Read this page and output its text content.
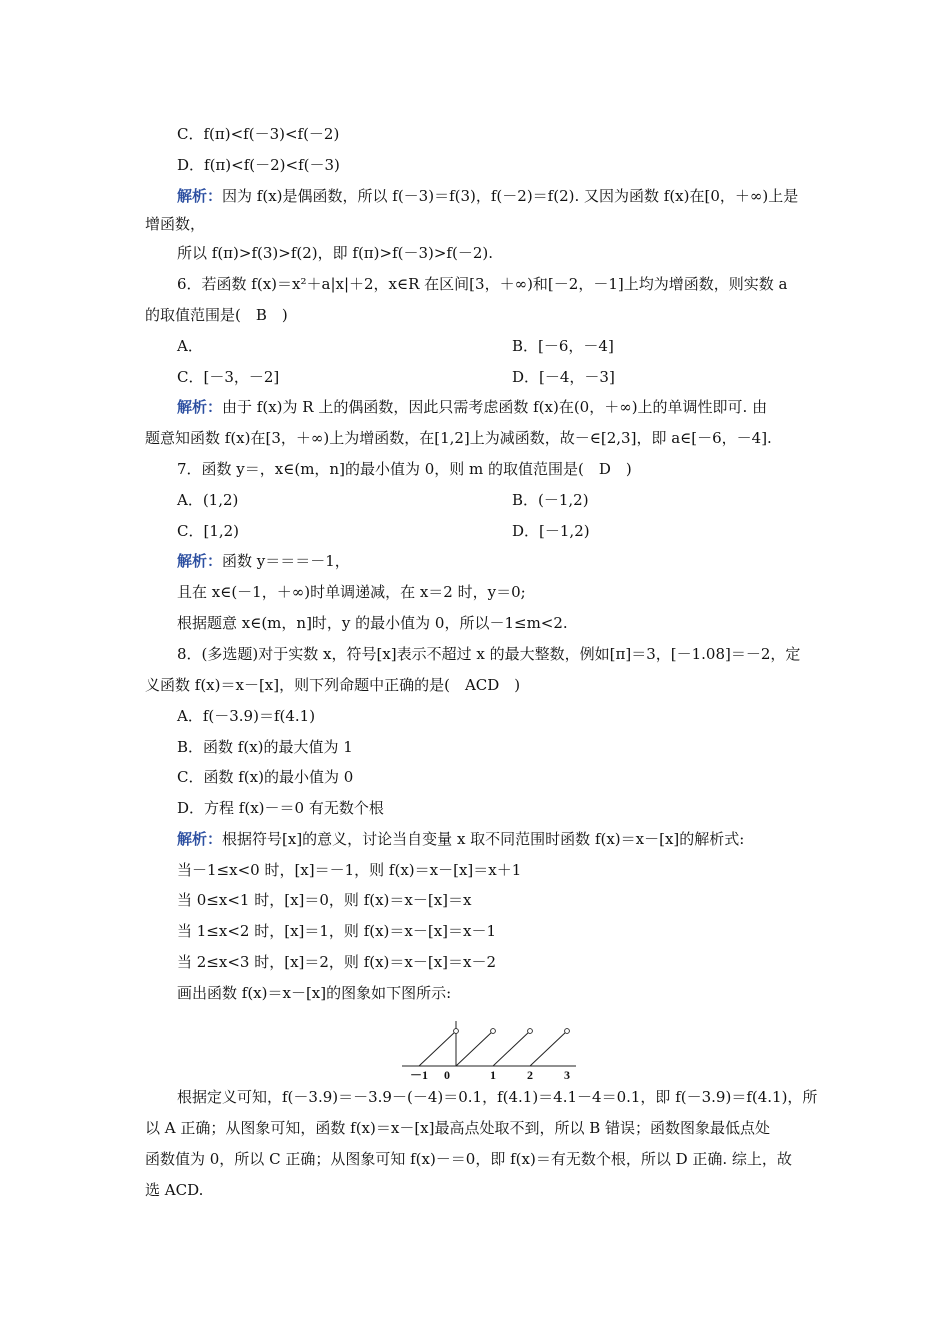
C．f(π)<f(－3)<f(－2)
D．f(π)<f(－2)<f(－3)
解析：因为 f(x)是偶函数，所以 f(－3)＝f(3)，f(－2)＝f(2). 又因为函数 f(x)在[0，＋∞)上是
增函数，
所以 f(π)>f(3)>f(2)，即 f(π)>f(－3)>f(－2).
6．若函数 f(x)＝x²＋a|x|＋2，x∈R 在区间[3，＋∞)和[－2，－1]上均为增函数，则实数 a
的取值范围是(　B　)
A．	B．[－6，－4]
C．[－3，－2]	D．[－4，－3]
解析：由于 f(x)为 R 上的偶函数，因此只需考虑函数 f(x)在(0，＋∞)上的单调性即可. 由
题意知函数 f(x)在[3，＋∞)上为增函数，在[1,2]上为减函数，故－∈[2,3]，即 a∈[－6，－4].
7．函数 y＝，x∈(m，n]的最小值为 0，则 m 的取值范围是(　D　)
A．(1,2)	B．(－1,2)
C．[1,2)	D．[－1,2)
解析：函数 y＝＝＝－1，
且在 x∈(－1，＋∞)时单调递减，在 x＝2 时，y＝0;
根据题意 x∈(m，n]时，y 的最小值为 0，所以－1≤m<2.
8．(多选题)对于实数 x，符号[x]表示不超过 x 的最大整数，例如[π]＝3，[－1.08]＝－2，定
义函数 f(x)＝x－[x]，则下列命题中正确的是(　ACD　)
A．f(－3.9)＝f(4.1)
B．函数 f(x)的最大值为 1
C．函数 f(x)的最小值为 0
D．方程 f(x)－＝0 有无数个根
解析：根据符号[x]的意义，讨论当自变量 x 取不同范围时函数 f(x)＝x－[x]的解析式:
当－1≤x<0 时，[x]＝－1，则 f(x)＝x－[x]＝x＋1
当 0≤x<1 时，[x]＝0，则 f(x)＝x－[x]＝x
当 1≤x<2 时，[x]＝1，则 f(x)＝x－[x]＝x－1
当 2≤x<3 时，[x]＝2，则 f(x)＝x－[x]＝x－2
画出函数 f(x)＝x－[x]的图象如下图所示:
根据定义可知，f(－3.9)＝－3.9－(－4)＝0.1，f(4.1)＝4.1－4＝0.1，即 f(－3.9)＝f(4.1)，所
以 A 正确；从图象可知，函数 f(x)＝x－[x]最高点处取不到，所以 B 错误；函数图象最低点处
函数值为 0，所以 C 正确；从图象可知 f(x)－＝0，即 f(x)＝有无数个根，所以 D 正确. 综上，故
选 ACD.
－1 0	1	2	3
